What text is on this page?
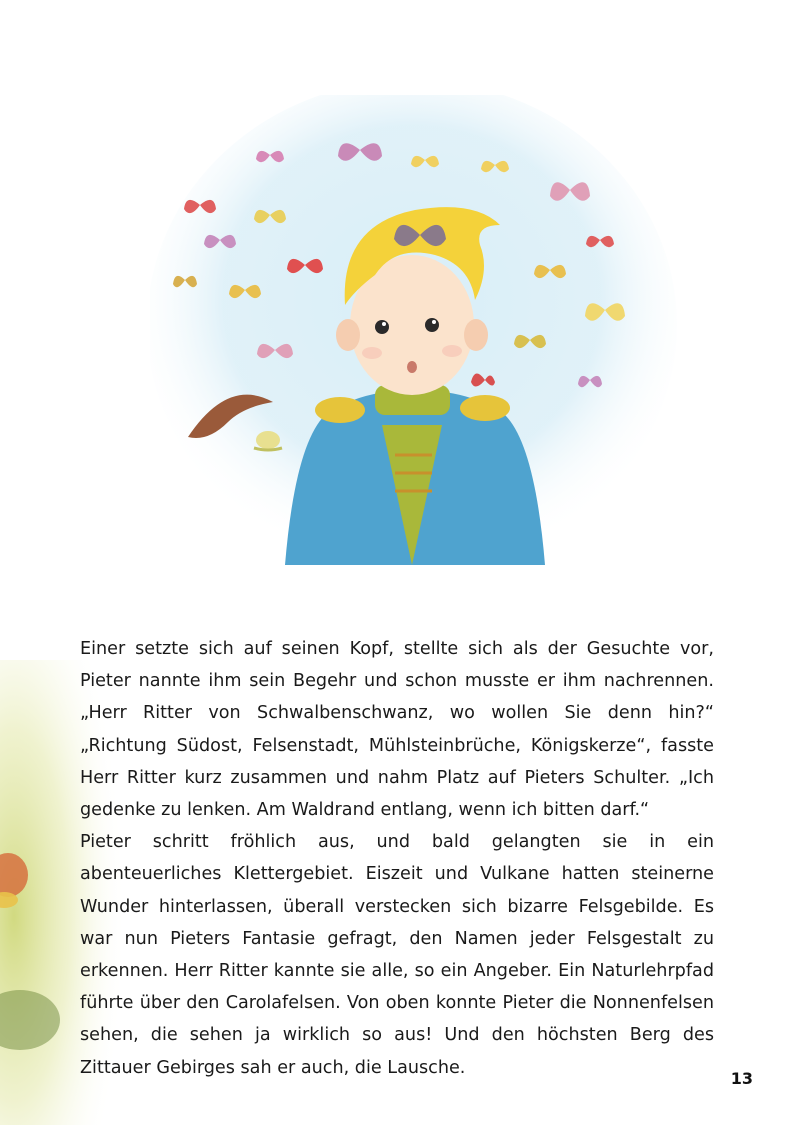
Einer setzte sich auf seinen Kopf, stellte sich als der Gesuchte vor, Pieter nannte ihm sein Begehr und schon musste er ihm nachrennen. „Herr Ritter von Schwalbenschwanz, wo wollen Sie denn hin?“ „Richtung Südost, Felsenstadt, Mühlsteinbrüche, Königskerze“, fasste Herr Ritter kurz zusammen und nahm Platz auf Pieters Schulter. „Ich gedenke zu lenken. Am Waldrand entlang, wenn ich bitten darf.“

Pieter schritt fröhlich aus, und bald gelangten sie in ein abenteuerliches Klettergebiet. Eiszeit und Vulkane hatten steinerne Wunder hinterlassen, überall verstecken sich bizarre Felsgebilde. Es war nun Pieters Fantasie gefragt, den Namen jeder Felsgestalt zu erkennen. Herr Ritter kannte sie alle, so ein Angeber. Ein Naturlehrpfad führte über den Carolafelsen. Von oben konnte Pieter die Nonnenfelsen sehen, die sehen ja wirklich so aus! Und den höchsten Berg des Zittauer Gebirges sah er auch, die Lausche.

13
